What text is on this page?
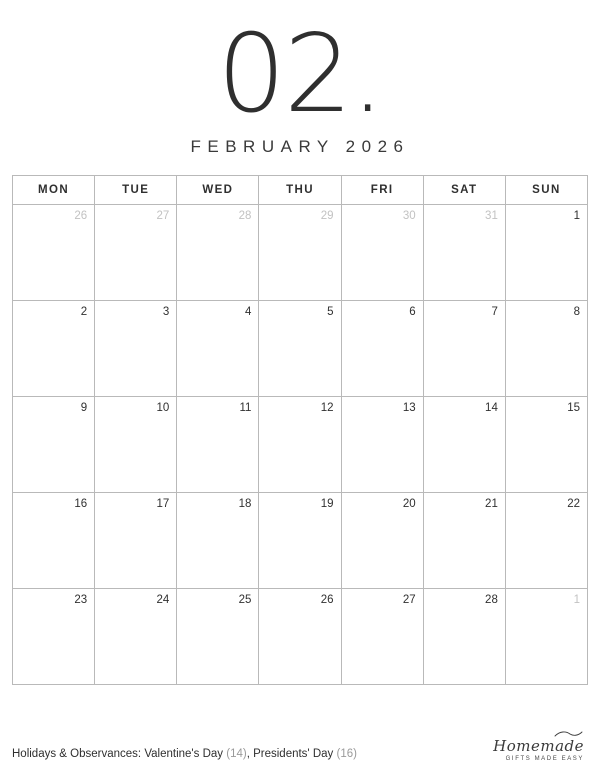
02.
FEBRUARY 2026
MON	TUE	WED	THU	FRI	SAT	SUN

26	27	28	29	30	31	1

2	3	4	5	6	7	8

9	10	11	12	13	14	15

16	17	18	19	20	21	22

23	24	25	26	27	28	1
Holidays & Observances: Valentine's Day (14), Presidents' Day (16)	Homemade
GIFTS MADE EASY
